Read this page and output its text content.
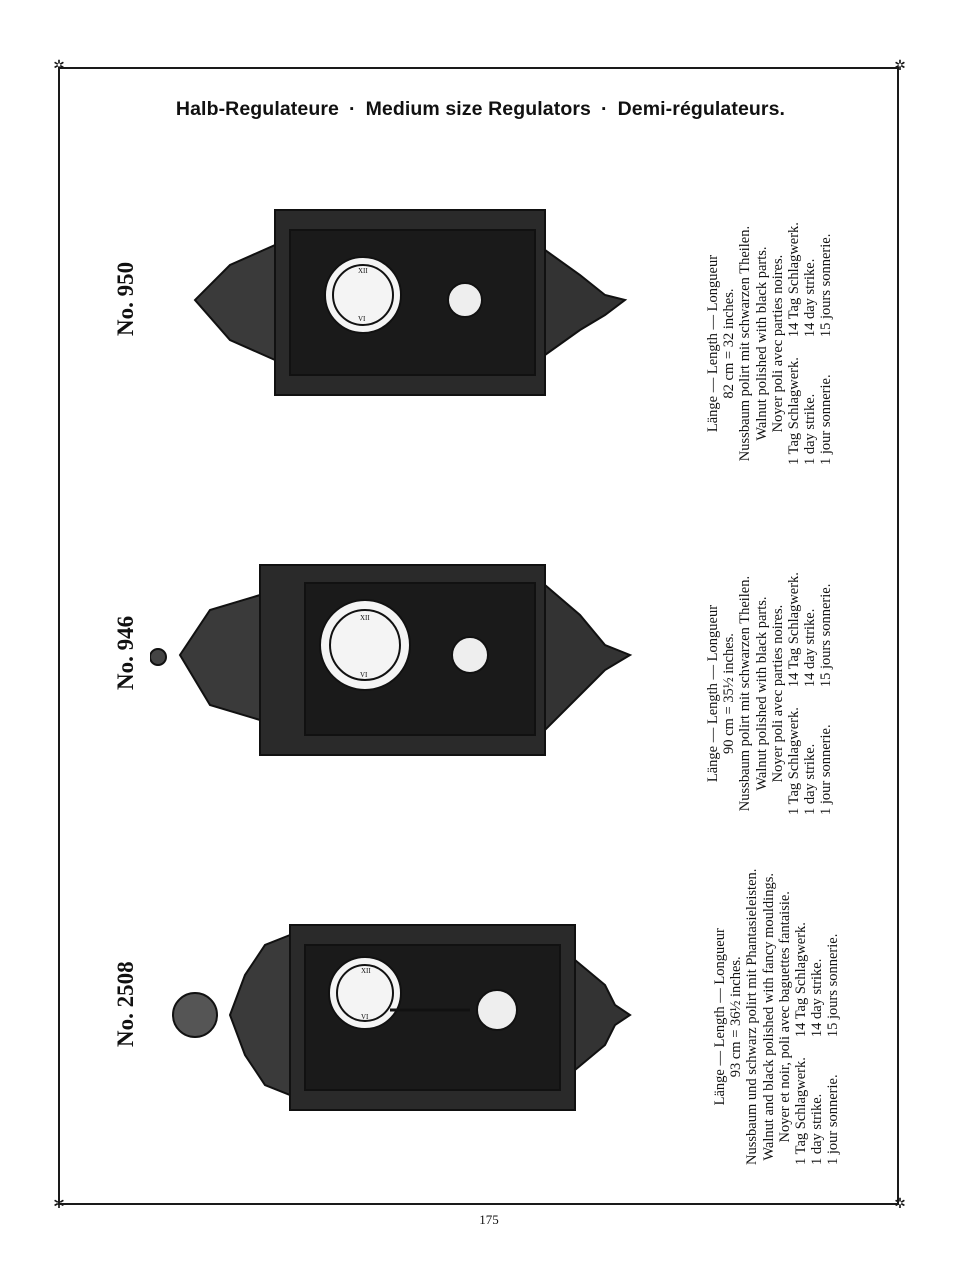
✲	✲
✲	✲
Halb-Regulateure · Medium size Regulators · Demi-régulateurs.
No. 2508
No. 946
No. 950
XII
VI
XII
VI
XII
VI
Länge — Length — Longueur 93 cm = 36½ inches. Nussbaum und schwarz polirt mit Phantasieleisten. Walnut and black polished with fancy mouldings. Noyer et noir, poli avec baguettes fantaisie. 1 Tag Schlagwerk. 1 day strike. 1 jour sonnerie.
14 Tag Schlagwerk. 14 day strike. 15 jours sonnerie.
Länge — Length — Longueur 90 cm = 35½ inches. Nussbaum polirt mit schwarzen Theilen. Walnut polished with black parts. Noyer poli avec parties noires. 1 Tag Schlagwerk. 1 day strike. 1 jour sonnerie.
14 Tag Schlagwerk. 14 day strike. 15 jours sonnerie.
Länge — Length — Longueur 82 cm = 32 inches. Nussbaum polirt mit schwarzen Theilen. Walnut polished with black parts. Noyer poli avec parties noires. 1 Tag Schlagwerk. 1 day strike. 1 jour sonnerie.
14 Tag Schlagwerk. 14 day strike. 15 jours sonnerie.
175
